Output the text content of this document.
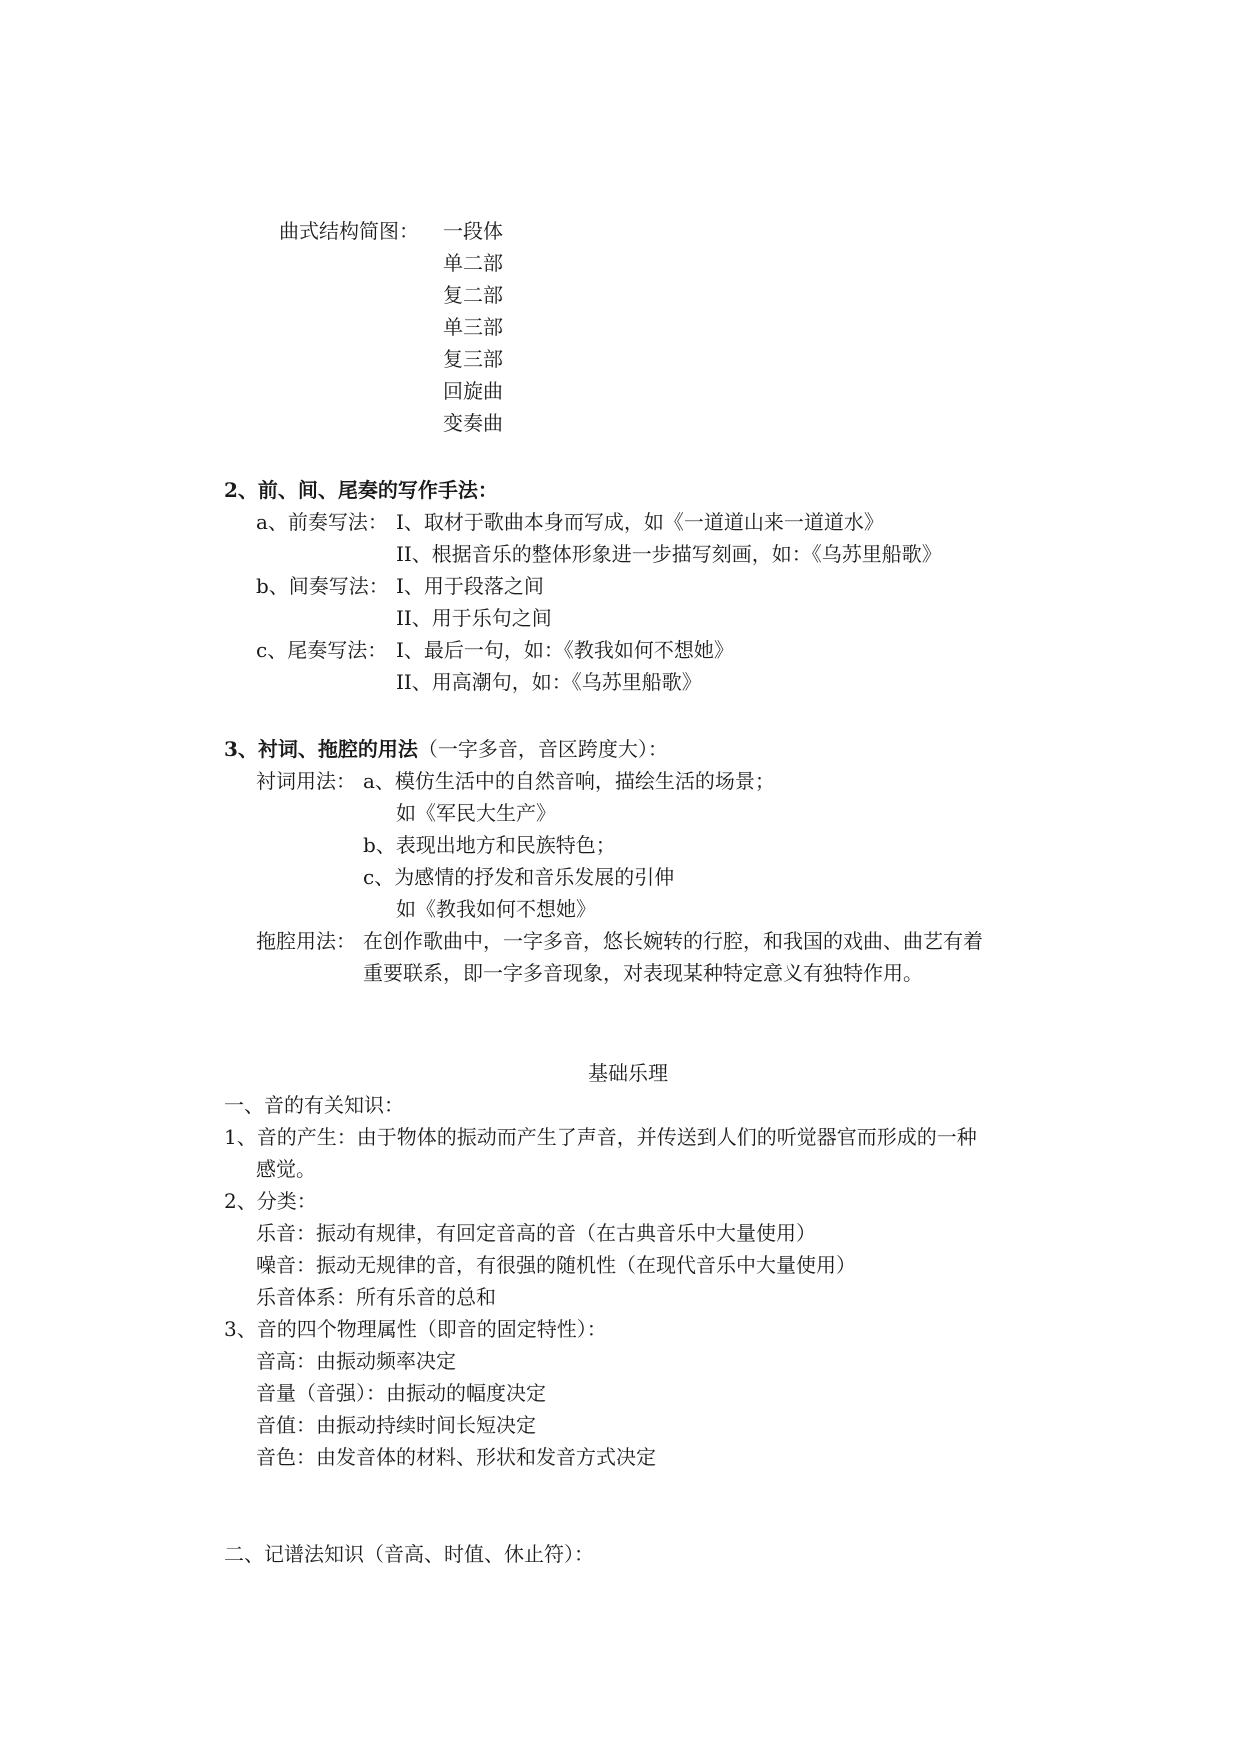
曲式结构简图： 一段体
单二部
复二部
单三部
复三部
回旋曲
变奏曲
2、前、间、尾奏的写作手法：
a、前奏写法： I、取材于歌曲本身而写成，如《一道道山来一道道水》
II、根据音乐的整体形象进一步描写刻画，如：《乌苏里船歌》
b、间奏写法： I、用于段落之间
II、用于乐句之间
c、尾奏写法： I、最后一句，如：《教我如何不想她》
II、用高潮句，如：《乌苏里船歌》
3、衬词、拖腔的用法（一字多音，音区跨度大）：
衬词用法： a、模仿生活中的自然音响，描绘生活的场景；
如《军民大生产》
b、表现出地方和民族特色；
c、为感情的抒发和音乐发展的引伸
如《教我如何不想她》
拖腔用法： 在创作歌曲中，一字多音，悠长婉转的行腔，和我国的戏曲、曲艺有着
重要联系，即一字多音现象，对表现某种特定意义有独特作用。
基础乐理
一、音的有关知识：
1、音的产生：由于物体的振动而产生了声音，并传送到人们的听觉器官而形成的一种
感觉。
2、分类：
乐音：振动有规律，有回定音高的音（在古典音乐中大量使用）
噪音：振动无规律的音，有很强的随机性（在现代音乐中大量使用）
乐音体系：所有乐音的总和
3、音的四个物理属性（即音的固定特性）：
音高：由振动频率决定
音量（音强）：由振动的幅度决定
音值：由振动持续时间长短决定
音色：由发音体的材料、形状和发音方式决定
二、记谱法知识（音高、时值、休止符）：
